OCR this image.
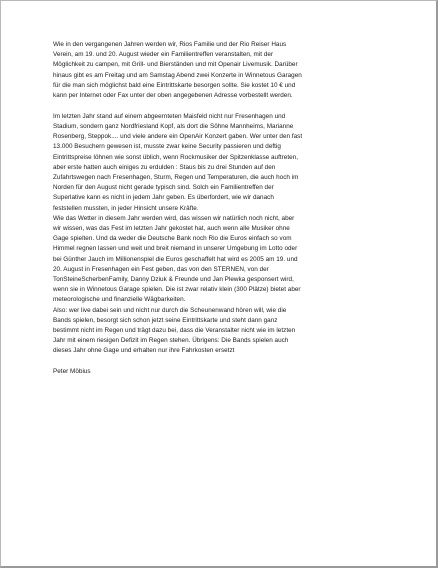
Wie in den vergangenen Jahren werden wir, Rios Familie und der Rio Reiser Haus
Verein, am 19. und 20. August wieder ein Familientreffen veranstalten, mit der
Möglichkeit zu campen, mit Grill- und Bierständen und mit Openair Livemusik. Darüber
hinaus gibt es am Freitag und am Samstag Abend zwei Konzerte in Winnetous Garagen
für die man sich möglichst bald eine Eintrittskarte besorgen sollte. Sie kostet 10 € und
kann per Internet oder Fax unter der oben angegebenen Adresse vorbestellt werden.
Im letzten Jahr stand auf einem abgeernteten Maisfeld nicht nur Fresenhagen und
Stadium, sondern ganz Nordfriesland Kopf, als dort die Söhne Mannheims, Marianne
Rosenberg, Steppok.... und viele andere ein OpenAir Konzert gaben. Wer unter den fast
13.000 Besuchern gewesen ist, musste zwar keine Security passieren und deftig
Eintrittspreise löhnen wie sonst üblich, wenn Rockmusiker der Spitzenklasse auftreten,
aber erste hatten auch einiges zu erdulden : Staus bis zu drei Stunden auf den
Zufahrtswegen nach Fresenhagen, Sturm, Regen und Temperaturen, die auch hoch im
Norden für den August nicht gerade typisch sind. Solch ein Familientreffen der
Superlative kann es nicht in jedem Jahr geben. Es überfordert, wie wir danach
feststellen mussten, in jeder Hinsicht unsere Kräfte.
Wie das Wetter in diesem Jahr werden wird, das wissen wir natürlich noch nicht, aber
wir wissen, was das Fest im letzten Jahr gekostet hat, auch wenn alle Musiker ohne
Gage spielten. Und da weder die Deutsche Bank noch Rio die Euros einfach so vom
Himmel regnen lassen und weit und breit niemand in unserer Umgebung im Lotto oder
bei Günther Jauch im Millionenspiel die Euros geschaffelt hat wird es 2005 am 19. und
20. August in Fresenhagen ein Fest geben, das von den STERNEN, von der
TonSteineScherbenFamily, Danny Dziuk & Freunde und Jan Plewka gesponsert wird,
wenn sie in Winnetous Garage spielen. Die ist zwar relativ klein (300 Plätze) bietet aber
meteorologische und finanzielle Wägbarkeiten.
Also: wer live dabei sein und nicht nur durch die Scheunenwand hören will, wie die
Bands spielen, besorgt sich schon jetzt seine Eintrittskarte und steht dann ganz
bestimmt nicht im Regen und trägt dazu bei, dass die Veranstalter nicht wie im letzten
Jahr mit einem riesigen Defizit im Regen stehen. Übrigens: Die Bands spielen auch
dieses Jahr ohne Gage und erhalten nur ihre Fahrkosten ersetzt
Peter Möbius
